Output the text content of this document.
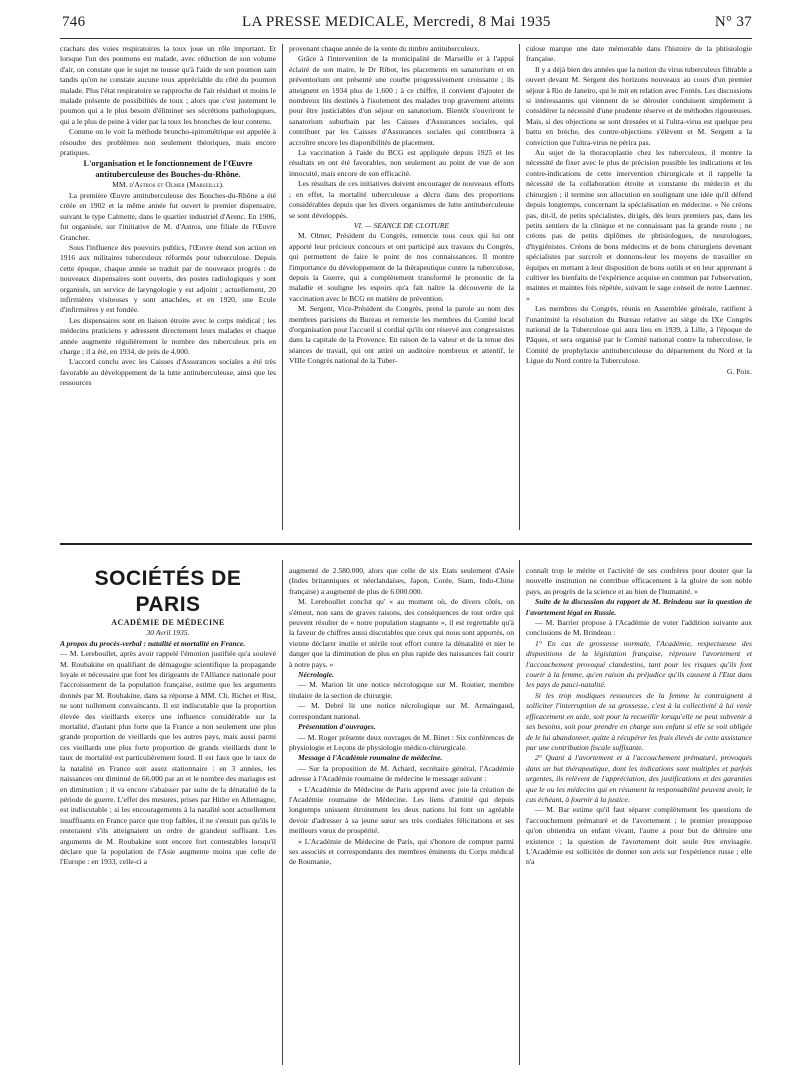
746	LA PRESSE MEDICALE, Mercredi, 8 Mai 1935	N° 37

crachats des voies respiratoires la toux joue un rôle important. Et lorsque l'un des poumons est malade, avec réduction de son volume d'air, on constate que le sujet ne tousse qu'à l'aide de son poumon sain tandis qu'on ne constate aucune toux appréciable du côté du poumon malade. Plus l'état respiratoire se rapproche de l'air résiduel et moins le malade présente de possibilités de toux ; alors que c'est justement le poumon qui a le plus besoin d'éliminer ses sécrétions pathologiques, qui a le plus de peine à vider par la toux les bronches de leur contenu.

Comme on le voit la méthode broncho-spirométrique est appelée à résoudre des problèmes non seulement théoriques, mais encore pratiques.

L'organisation et le fonctionnement de l'Œuvre antituberculeuse des Bouches-du-Rhône.

MM. d'Astros et Olmer (Marseille).

La première Œuvre antituberculeuse des Bouches-du-Rhône a été créée en 1902 et la même année fut ouvert le premier dispensaire, suivant le type Calmette, dans le quartier industriel d'Arenc. En 1906, fut organisée, sur l'initiative de M. d'Astros, une filiale de l'Œuvre Grancher.

Sous l'influence des pouvoirs publics, l'Œuvre étend son action en 1916 aux militaires tuberculeux réformés pour tuberculose. Depuis cette époque, chaque année se traduit par de nouveaux progrès : de nouveaux dispensaires sont ouverts, des postes radiologiques y sont organisés, un service de laryngologie y est adjoint ; actuellement, 20 infirmières visiteuses y sont attachées, et en 1920, une Ecole d'infirmières y est fondée.

Les dispensaires sont en liaison étroite avec le corps médical ; les médecins praticiens y adressent directement leurs malades et chaque année augmente régulièrement le nombre des tuberculeux pris en charge ; il a été, en 1934, de près de 4.000.

L'accord conclu avec les Caisses d'Assurances sociales a été très favorable au développement de la lutte antituberculeuse, ainsi que les ressources

provenant chaque année de la vente du timbre antituberculeux.

Grâce à l'intervention de la municipalité de Marseille et à l'appui éclairé de son maire, le Dr Ribot, les placements en sanatorium et en préventorium ont présenté une courbe progressivement croissante ; ils atteignent en 1934 plus de 1.600 ; à ce chiffre, il convient d'ajouter de nombreux lits destinés à l'isolement des malades trop gravement atteints pour être justiciables d'un séjour en sanatorium. Bientôt s'ouvriront le sanatorium suburbain par les Caisses d'Assurances sociales, qui contribuer par les Caisses d'Assurances sociales qui contribuera à accroître encore les disponibilités de placement.

La vaccination à l'aide du BCG est appliquée depuis 1925 et les résultats en ont été favorables, non seulement au point de vue de son innocuité, mais encore de son efficacité.

Les résultats de ces initiatives doivent encourager de nouveaux efforts ; en effet, la mortalité tuberculeuse a décru dans des proportions considérables depuis que les divers organismes de lutte antituberculeuse se sont développés.

VI. — SEANCE DE CLOTURE

M. Olmer, Président du Congrès, remercie tous ceux qui lui ont apporté leur précieux concours et ont participé aux travaux du Congrès, qui permettent de faire le point de nos connaissances. Il montre l'importance du développement de la thérapeutique contre la tuberculose, depuis la Guerre, qui a complètement transformé le pronostic de la maladie et souligne les espoirs qu'a fait naître la découverte de la vaccination avec le BCG en matière de prévention.

M. Sergent, Vice-Président du Congrès, prend la parole au nom des membres parisiens du Bureau et remercie les membres du Comité local d'organisation pour l'accueil si cordial qu'ils ont réservé aux congressistes dans la capitale de la Provence. En raison de la valeur et de la tenue des séances de travail, qui ont attiré un auditoire nombreux et attentif, le VIIIe Congrès national de la Tuber-

culose marque une date mémorable dans l'histoire de la phtisiologie française.

Il y a déjà bien des années que la notion du virus tuberculeux filtrable a ouvert devant M. Sergent des horizons nouveaux au cours d'un premier séjour à Rio de Janeiro, qui le mit en relation avec Fontès. Les discussions si intéressantes qui viennent de se dérouler conduisent simplement à considérer la nécessité d'une prudente réserve et de méthodes rigoureuses. Mais, si des objections se sont dressées et si l'ultra-virus est quelque peu battu en brèche, des contre-objections s'élèvent et M. Sergent a la conviction que l'ultra-virus ne périra pas.

Au sujet de la thoracoplastie chez les tuberculeux, il montre la nécessité de fixer avec le plus de précision possible les indications et les contre-indications de cette intervention chirurgicale et il rappelle la nécessité de la collaboration étroite et constante du médecin et du chirurgien ; il termine son allocution en soulignant une idée qu'il défend depuis longtemps, concernant la spécialisation en médecine. « Ne créons pas, dit-il, de petits spécialistes, dirigés, dès leurs premiers pas, dans les petits sentiers de la clinique et ne connaissant pas la grande route ; ne créons pas de petits diplômes de phtisiologues, de neurologues, d'hygiénistes. Créons de bons médecins et de bons chirurgiens devenant spécialistes par surcroît et donnons-leur les moyens de travailler en équipes en mettant à leur disposition de bons outils et en leur apprenant à cultiver les bienfaits de l'expérience acquise en commun par l'observation, maintes et maintes fois répétée, suivant le sage conseil de notre Laennec. »

Les membres du Congrès, réunis en Assemblée générale, ratifient à l'unanimité la résolution du Bureau relative au siège du IXe Congrès national de la Tuberculose qui aura lieu en 1939, à Lille, à l'époque de Pâques, et sera organisé par le Comité national contre la tuberculose, le Comité de prophylaxie antituberculeuse du département du Nord et la Ligue du Nord contre la Tuberculose.

G. Poix.

SOCIÉTÉS DE PARIS

ACADÉMIE DE MÉDECINE

30 Avril 1935.

A propos du procès-verbal : natalité et mortalité en France.

— M. Lereboullet, après avoir rappelé l'émotion justifiée qu'a soulevé M. Roubakine en qualifiant de démagogie scientifique la propagande loyale et nécessaire que font les dirigeants de l'Alliance nationale pour l'accroissement de la population française, estime que les arguments donnés par M. Roubakine, dans sa réponse à MM. Ch. Richet et Rist, ne sont nullement convaincants. Il est indiscutable que la proportion élevée des vieillards exerce une influence considérable sur la mortalité, d'autant plus forte que la France a non seulement une plus grande proportion de vieillards que les autres pays, mais aussi parmi ces vieillards une plus forte proportion de grands vieillards dont le taux de mortalité est particulièrement lourd. Il est faux que le taux de la natalité en France soit assez stationnaire : en 3 années, les naissances ont diminué de 66.000 par an et le nombre des mariages est en diminution ; il va encore s'abaisser par suite de la dénatalité de la période de guerre. L'effet des mesures, prises par Hitler en Allemagne, est indiscutable ; si les encouragements à la natalité sont actuellement insuffisants en France parce que trop faibles, il ne s'ensuit pas qu'ils le resteraient s'ils atteignaient un ordre de grandeur suffisant. Les arguments de M. Roubakine sont encore fort contestables lorsqu'il déclare que la population de l'Asie augmente moins que celle de l'Europe : en 1933, celle-ci a

augmenté de 2.580.000, alors que celle de six Etats seulement d'Asie (Indes britanniques et néerlandaises, Japon, Corée, Siam, Indo-Chine française) a augmenté de plus de 6.000.000.

M. Lereboullet conclut qu' « au moment où, de divers côtés, on s'émeut, non sans de graves raisons, des conséquences de tout ordre qui peuvent résulter de « notre population stagnante », il est regrettable qu'à la faveur de chiffres aussi discutables que ceux qui nous sont apportés, on vienne déclarer inutile et stérile tout effort contre la dénatalité et nier le danger que la diminution de plus en plus rapide des naissances fait courir à notre pays. »

Nécrologie.

— M. Marion lit une notice nécrologique sur M. Routier, membre titulaire de la section de chirurgie.

— M. Debré lit une notice nécrologique sur M. Armaingaud, correspondant national.

Présentation d'ouvrages.

— M. Roger présente deux ouvrages de M. Binet : Six conférences de physiologie et Leçons de physiologie médico-chirurgicale.

Message à l'Académie roumaine de médecine.

— Sur la proposition de M. Achard, secrétaire général, l'Académie adresse à l'Académie roumaine de médecine le message suivant :

« L'Académie de Médecine de Paris apprend avec joie la création de l'Académie roumaine de Médecine. Les liens d'amitié qui depuis longtemps unissent étroitement les deux nations lui font un agréable devoir d'adresser à sa jeune sœur ses très cordiales félicitations et ses meilleurs vœux de prospérité.

« L'Académie de Médecine de Paris, qui s'honore de compter parmi ses associés et correspondants des membres éminents du Corps médical de Roumanie,

connaît trop le mérite et l'activité de ses confrères pour douter que la nouvelle institution ne contribue efficacement à la gloire de son noble pays, au progrès de la science et au bien de l'humanité. »

Suite de la discussion du rapport de M. Brindeau sur la question de l'avortement légal en Russie.

— M. Barrier propose à l'Académie de voter l'addition suivante aux conclusions de M. Brindeau :

1° En cas de grossesse normale, l'Académie, respectueuse des dispositions de la législation française, réprouve l'avortement et l'accouchement provoqué clandestins, tant pour les risques qu'ils font courir à la femme, qu'en raison du préjudice qu'ils causent à l'Etat dans les pays de pauci-natalité.

Si les trop modiques ressources de la femme la contraignent à solliciter l'interruption de sa grossesse, c'est à la collectivité à lui venir efficacement en aide, soit pour la recueillir lorsqu'elle ne peut subvenir à ses besoins, soit pour prendre en charge son enfant si elle se voit obligée de le lui abandonner, quitte à récupérer les frais élevés de cette assistance par une contribution fiscale suffisante.

2° Quant à l'avortement et à l'accouchement prématuré, provoqués dans un but thérapeutique, dont les indications sont multiples et parfois urgentes, ils relèvent de l'appréciation, des justifications et des garanties que le ou les médecins qui en résument la responsabilité peuvent avoir, le cas échéant, à fournir à la justice.

— M. Bar estime qu'il faut séparer complètement les questions de l'accouchement prématuré et de l'avortement ; le premier presuppose qu'on obtiendra un enfant vivant, l'autre a pour but de détruire une existence ; la question de l'avortement doit seule être envisagée. L'Académie est sollicitée de donner son avis sur l'expérience russe ; elle n'a
